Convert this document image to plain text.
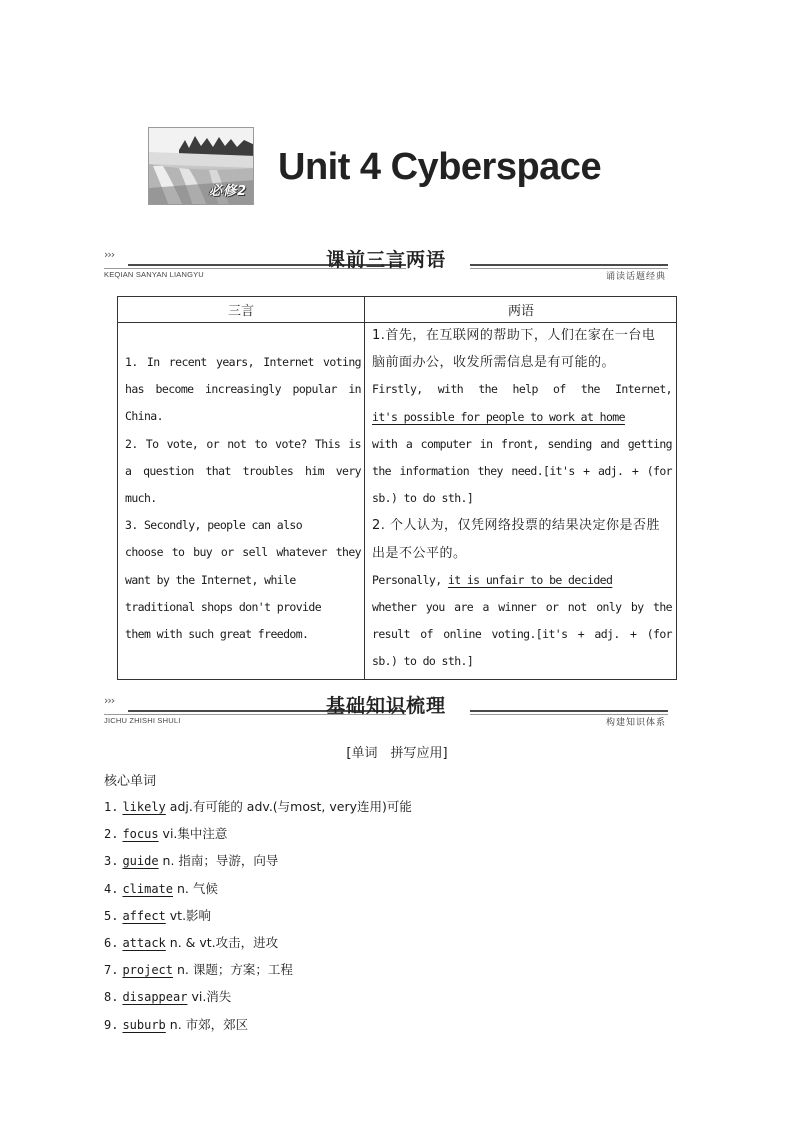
必修2
Unit 4 Cyberspace
›››
KEQIAN SANYAN LIANGYU
课前三言两语
诵读话题经典
三言	两语
1. In recent years, Internet voting
has become increasingly popular in
China.
2. To vote, or not to vote? This is
a question that troubles him very
much.
3. Secondly, people can also
choose to buy or sell whatever they
want by the Internet, while
traditional shops don't provide
them with such great freedom.
1.首先，在互联网的帮助下，人们在家在一台电
脑前面办公，收发所需信息是有可能的。
Firstly, with the help of the Internet,
it's possible for people to work at home
with a computer in front, sending and getting
the information they need.[it's + adj. + (for
sb.) to do sth.]
2. 个人认为，仅凭网络投票的结果决定你是否胜
出是不公平的。
Personally, it is unfair to be decided
whether you are a winner or not only by the
result of online voting.[it's + adj. + (for
sb.) to do sth.]
›››
JICHU ZHISHI SHULI
基础知识梳理
构建知识体系
[单词　拼写应用]
核心单词
1. likely adj.有可能的 adv.(与most, very连用)可能
2. focus vi.集中注意
3. guide n. 指南；导游，向导
4. climate n. 气候
5. affect vt.影响
6. attack n. & vt.攻击，进攻
7. project n. 课题；方案；工程
8. disappear vi.消失
9. suburb n. 市郊，郊区
